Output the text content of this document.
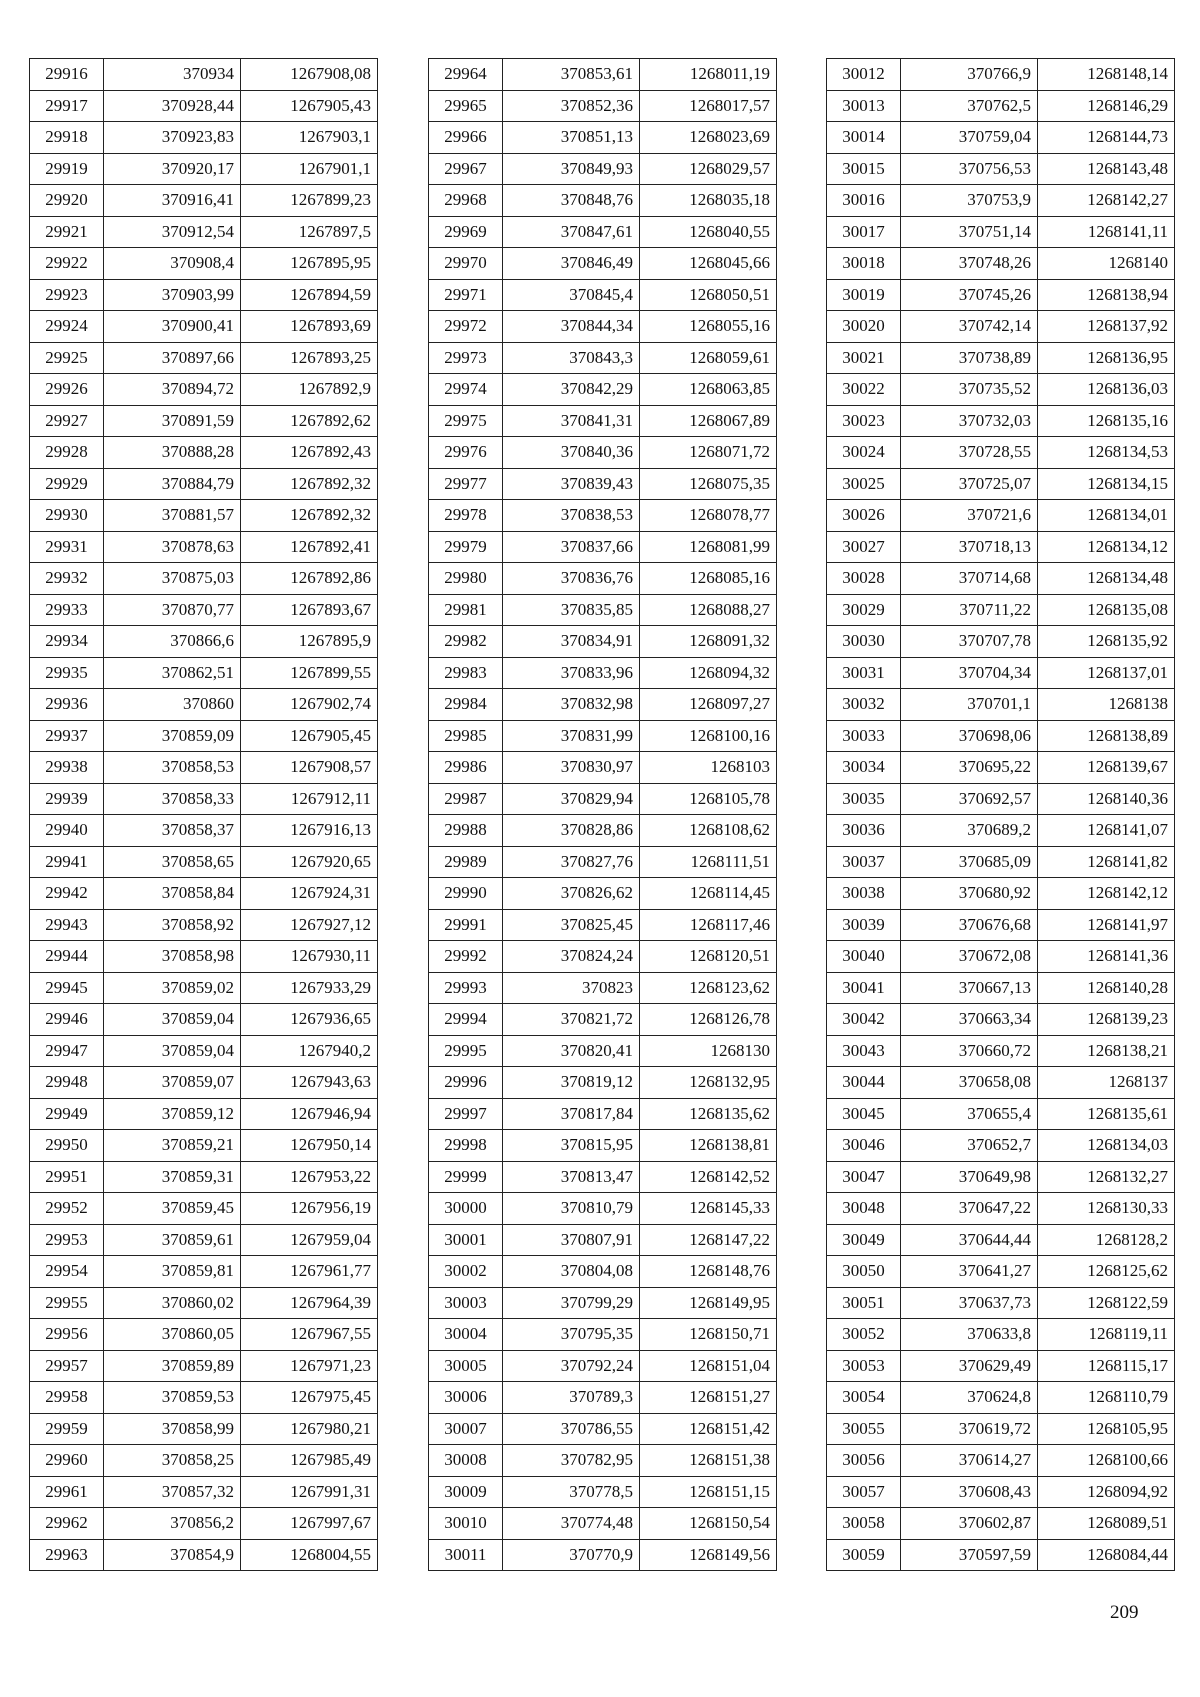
29916	370934	1267908,08
29917	370928,44	1267905,43
29918	370923,83	1267903,1
29919	370920,17	1267901,1
29920	370916,41	1267899,23
29921	370912,54	1267897,5
29922	370908,4	1267895,95
29923	370903,99	1267894,59
29924	370900,41	1267893,69
29925	370897,66	1267893,25
29926	370894,72	1267892,9
29927	370891,59	1267892,62
29928	370888,28	1267892,43
29929	370884,79	1267892,32
29930	370881,57	1267892,32
29931	370878,63	1267892,41
29932	370875,03	1267892,86
29933	370870,77	1267893,67
29934	370866,6	1267895,9
29935	370862,51	1267899,55
29936	370860	1267902,74
29937	370859,09	1267905,45
29938	370858,53	1267908,57
29939	370858,33	1267912,11
29940	370858,37	1267916,13
29941	370858,65	1267920,65
29942	370858,84	1267924,31
29943	370858,92	1267927,12
29944	370858,98	1267930,11
29945	370859,02	1267933,29
29946	370859,04	1267936,65
29947	370859,04	1267940,2
29948	370859,07	1267943,63
29949	370859,12	1267946,94
29950	370859,21	1267950,14
29951	370859,31	1267953,22
29952	370859,45	1267956,19
29953	370859,61	1267959,04
29954	370859,81	1267961,77
29955	370860,02	1267964,39
29956	370860,05	1267967,55
29957	370859,89	1267971,23
29958	370859,53	1267975,45
29959	370858,99	1267980,21
29960	370858,25	1267985,49
29961	370857,32	1267991,31
29962	370856,2	1267997,67
29963	370854,9	1268004,55
29964	370853,61	1268011,19
29965	370852,36	1268017,57
29966	370851,13	1268023,69
29967	370849,93	1268029,57
29968	370848,76	1268035,18
29969	370847,61	1268040,55
29970	370846,49	1268045,66
29971	370845,4	1268050,51
29972	370844,34	1268055,16
29973	370843,3	1268059,61
29974	370842,29	1268063,85
29975	370841,31	1268067,89
29976	370840,36	1268071,72
29977	370839,43	1268075,35
29978	370838,53	1268078,77
29979	370837,66	1268081,99
29980	370836,76	1268085,16
29981	370835,85	1268088,27
29982	370834,91	1268091,32
29983	370833,96	1268094,32
29984	370832,98	1268097,27
29985	370831,99	1268100,16
29986	370830,97	1268103
29987	370829,94	1268105,78
29988	370828,86	1268108,62
29989	370827,76	1268111,51
29990	370826,62	1268114,45
29991	370825,45	1268117,46
29992	370824,24	1268120,51
29993	370823	1268123,62
29994	370821,72	1268126,78
29995	370820,41	1268130
29996	370819,12	1268132,95
29997	370817,84	1268135,62
29998	370815,95	1268138,81
29999	370813,47	1268142,52
30000	370810,79	1268145,33
30001	370807,91	1268147,22
30002	370804,08	1268148,76
30003	370799,29	1268149,95
30004	370795,35	1268150,71
30005	370792,24	1268151,04
30006	370789,3	1268151,27
30007	370786,55	1268151,42
30008	370782,95	1268151,38
30009	370778,5	1268151,15
30010	370774,48	1268150,54
30011	370770,9	1268149,56
30012	370766,9	1268148,14
30013	370762,5	1268146,29
30014	370759,04	1268144,73
30015	370756,53	1268143,48
30016	370753,9	1268142,27
30017	370751,14	1268141,11
30018	370748,26	1268140
30019	370745,26	1268138,94
30020	370742,14	1268137,92
30021	370738,89	1268136,95
30022	370735,52	1268136,03
30023	370732,03	1268135,16
30024	370728,55	1268134,53
30025	370725,07	1268134,15
30026	370721,6	1268134,01
30027	370718,13	1268134,12
30028	370714,68	1268134,48
30029	370711,22	1268135,08
30030	370707,78	1268135,92
30031	370704,34	1268137,01
30032	370701,1	1268138
30033	370698,06	1268138,89
30034	370695,22	1268139,67
30035	370692,57	1268140,36
30036	370689,2	1268141,07
30037	370685,09	1268141,82
30038	370680,92	1268142,12
30039	370676,68	1268141,97
30040	370672,08	1268141,36
30041	370667,13	1268140,28
30042	370663,34	1268139,23
30043	370660,72	1268138,21
30044	370658,08	1268137
30045	370655,4	1268135,61
30046	370652,7	1268134,03
30047	370649,98	1268132,27
30048	370647,22	1268130,33
30049	370644,44	1268128,2
30050	370641,27	1268125,62
30051	370637,73	1268122,59
30052	370633,8	1268119,11
30053	370629,49	1268115,17
30054	370624,8	1268110,79
30055	370619,72	1268105,95
30056	370614,27	1268100,66
30057	370608,43	1268094,92
30058	370602,87	1268089,51
30059	370597,59	1268084,44
209
